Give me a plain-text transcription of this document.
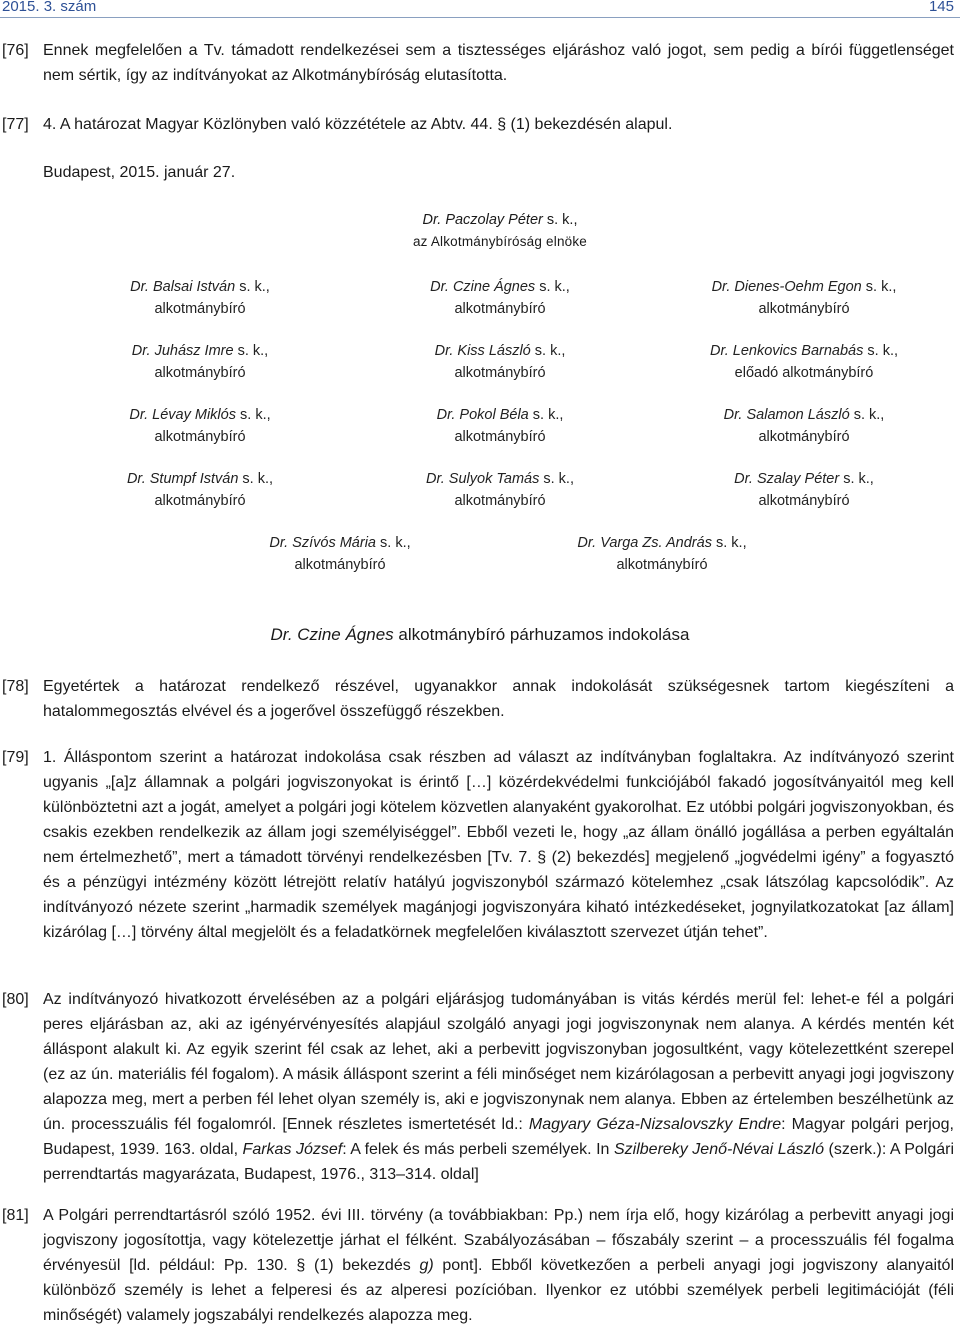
2015. 3. szám	145
[76] Ennek megfelelően a Tv. támadott rendelkezései sem a tisztességes eljáráshoz való jogot, sem pedig a bírói függetlenséget nem sértik, így az indítványokat az Alkotmánybíróság elutasította.
[77] 4. A határozat Magyar Közlönyben való közzététele az Abtv. 44. § (1) bekezdésén alapul.
Budapest, 2015. január 27.
Dr. Paczolay Péter s. k.,
az Alkotmánybíróság elnöke
Dr. Balsai István s. k.,
alkotmánybíró
Dr. Czine Ágnes s. k.,
alkotmánybíró
Dr. Dienes-Oehm Egon s. k.,
alkotmánybíró
Dr. Juhász Imre s. k.,
alkotmánybíró
Dr. Kiss László s. k.,
alkotmánybíró
Dr. Lenkovics Barnabás s. k.,
előadó alkotmánybíró
Dr. Lévay Miklós s. k.,
alkotmánybíró
Dr. Pokol Béla s. k.,
alkotmánybíró
Dr. Salamon László s. k.,
alkotmánybíró
Dr. Stumpf István s. k.,
alkotmánybíró
Dr. Sulyok Tamás s. k.,
alkotmánybíró
Dr. Szalay Péter s. k.,
alkotmánybíró
Dr. Szívós Mária s. k.,
alkotmánybíró
Dr. Varga Zs. András s. k.,
alkotmánybíró
Dr. Czine Ágnes alkotmánybíró párhuzamos indokolása
[78] Egyetértek a határozat rendelkező részével, ugyanakkor annak indokolását szükségesnek tartom kiegészíteni a hatalommegosztás elvével és a jogerővel összefüggő részekben.
[79] 1. Álláspontom szerint a határozat indokolása csak részben ad választ az indítványban foglaltakra. Az indítványozó szerint ugyanis „[a]z államnak a polgári jogviszonyokat is érintő […] közérdekvédelmi funkciójából fakadó jogosítványaitól meg kell különböztetni azt a jogát, amelyet a polgári jogi kötelem közvetlen alanyaként gyakorolhat. Ez utóbbi polgári jogviszonyokban, és csakis ezekben rendelkezik az állam jogi személyiséggel”. Ebből vezeti le, hogy „az állam önálló jogállása a perben egyáltalán nem értelmezhető”, mert a támadott törvényi rendelkezésben [Tv. 7. § (2) bekezdés] megjelenő „jogvédelmi igény” a fogyasztó és a pénzügyi intézmény között létrejött relatív hatályú jogviszonyból származó kötelemhez „csak látszólag kapcsolódik”. Az indítványozó nézete szerint „harmadik személyek magánjogi jogviszonyára kiható intézkedéseket, jognyilatkozatokat [az állam] kizárólag […] törvény által megjelölt és a feladatkörnek megfelelően kiválasztott szervezet útján tehet”.
[80] Az indítványozó hivatkozott érvelésében az a polgári eljárásjog tudományában is vitás kérdés merül fel: lehet-e fél a polgári peres eljárásban az, aki az igényérvényesítés alapjául szolgáló anyagi jogi jogviszonynak nem alanya. A kérdés mentén két álláspont alakult ki. Az egyik szerint fél csak az lehet, aki a perbevitt jogviszonyban jogosultként, vagy kötelezettként szerepel (ez az ún. materiális fél fogalom). A másik álláspont szerint a féli minőséget nem kizárólagosan a perbevitt anyagi jogi jogviszony alapozza meg, mert a perben fél lehet olyan személy is, aki e jogviszonynak nem alanya. Ebben az értelemben beszélhetünk az ún. processzuális fél fogalomról. [Ennek részletes ismertetését ld.: Magyary Géza-Nizsalovszky Endre: Magyar polgári perjog, Budapest, 1939. 163. oldal, Farkas József: A felek és más perbeli személyek. In Szilbereky Jenő-Névai László (szerk.): A Polgári perrendtartás magyarázata, Budapest, 1976., 313–314. oldal]
[81] A Polgári perrendtartásról szóló 1952. évi III. törvény (a továbbiakban: Pp.) nem írja elő, hogy kizárólag a perbevitt anyagi jogi jogviszony jogosítottja, vagy kötelezettje járhat el félként. Szabályozásában – főszabály szerint – a processzuális fél fogalma érvényesül [ld. például: Pp. 130. § (1) bekezdés g) pont]. Ebből következően a perbeli anyagi jogi jogviszony alanyaitól különböző személy is lehet a felperesi és az alperesi pozícióban. Ilyenkor ez utóbbi személyek perbeli legitimációját (féli minőségét) valamely jogszabályi rendelkezés alapozza meg.
